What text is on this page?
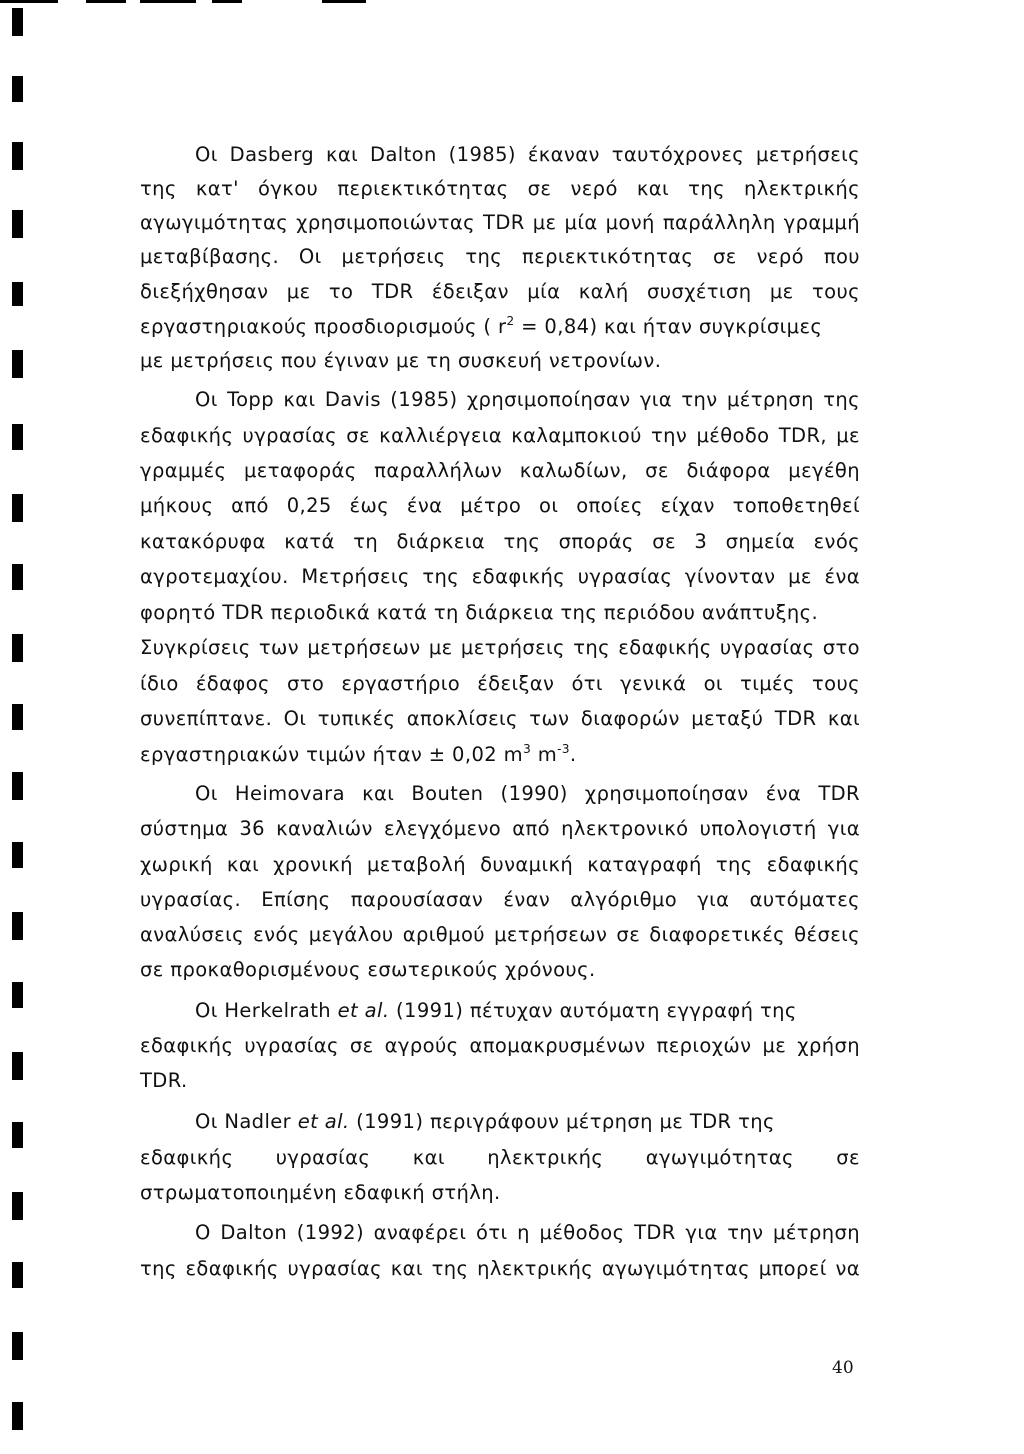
Οι Dasberg και Dalton (1985) έκαναν ταυτόχρονες μετρήσεις
της κατ' όγκου περιεκτικότητας σε νερό και της ηλεκτρικής
αγωγιμότητας χρησιμοποιώντας TDR με μία μονή παράλληλη γραμμή
μεταβίβασης. Οι μετρήσεις της περιεκτικότητας σε νερό που
διεξήχθησαν με το TDR έδειξαν μία καλή συσχέτιση με τους
εργαστηριακούς προσδιορισμούς ( $r^2 = 0,84$) και ήταν συγκρίσιμες
με μετρήσεις που έγιναν με τη συσκευή νετρονίων.
Οι Topp και Davis (1985) χρησιμοποίησαν για την μέτρηση της
εδαφικής υγρασίας σε καλλιέργεια καλαμποκιού την μέθοδο TDR, με
γραμμές μεταφοράς παραλλήλων καλωδίων, σε διάφορα μεγέθη
μήκους από 0,25 έως ένα μέτρο οι οποίες είχαν τοποθετηθεί
κατακόρυφα κατά τη διάρκεια της σποράς σε 3 σημεία ενός
αγροτεμαχίου. Μετρήσεις της εδαφικής υγρασίας γίνονταν με ένα
φορητό TDR περιοδικά κατά τη διάρκεια της περιόδου ανάπτυξης.
Συγκρίσεις των μετρήσεων με μετρήσεις της εδαφικής υγρασίας στο
ίδιο έδαφος στο εργαστήριο έδειξαν ότι γενικά οι τιμές τους
συνεπίπτανε. Οι τυπικές αποκλίσεις των διαφορών μεταξύ TDR και
εργαστηριακών τιμών ήταν ± 0,02 $m^3$ $m^{-3}$.
Οι Heimovara και Bouten (1990) χρησιμοποίησαν ένα TDR
σύστημα 36 καναλιών ελεγχόμενο από ηλεκτρονικό υπολογιστή για
χωρική και χρονική μεταβολή δυναμική καταγραφή της εδαφικής
υγρασίας. Επίσης παρουσίασαν έναν αλγόριθμο για αυτόματες
αναλύσεις ενός μεγάλου αριθμού μετρήσεων σε διαφορετικές θέσεις
σε προκαθορισμένους εσωτερικούς χρόνους.
Οι Herkelrath et al. (1991) πέτυχαν αυτόματη εγγραφή της
εδαφικής υγρασίας σε αγρούς απομακρυσμένων περιοχών με χρήση
TDR.
Οι Nadler et al. (1991) περιγράφουν μέτρηση με TDR της
εδαφικής υγρασίας και ηλεκτρικής αγωγιμότητας σε
στρωματοποιημένη εδαφική στήλη.
Ο Dalton (1992) αναφέρει ότι η μέθοδος TDR για την μέτρηση
της εδαφικής υγρασίας και της ηλεκτρικής αγωγιμότητας μπορεί να
40
